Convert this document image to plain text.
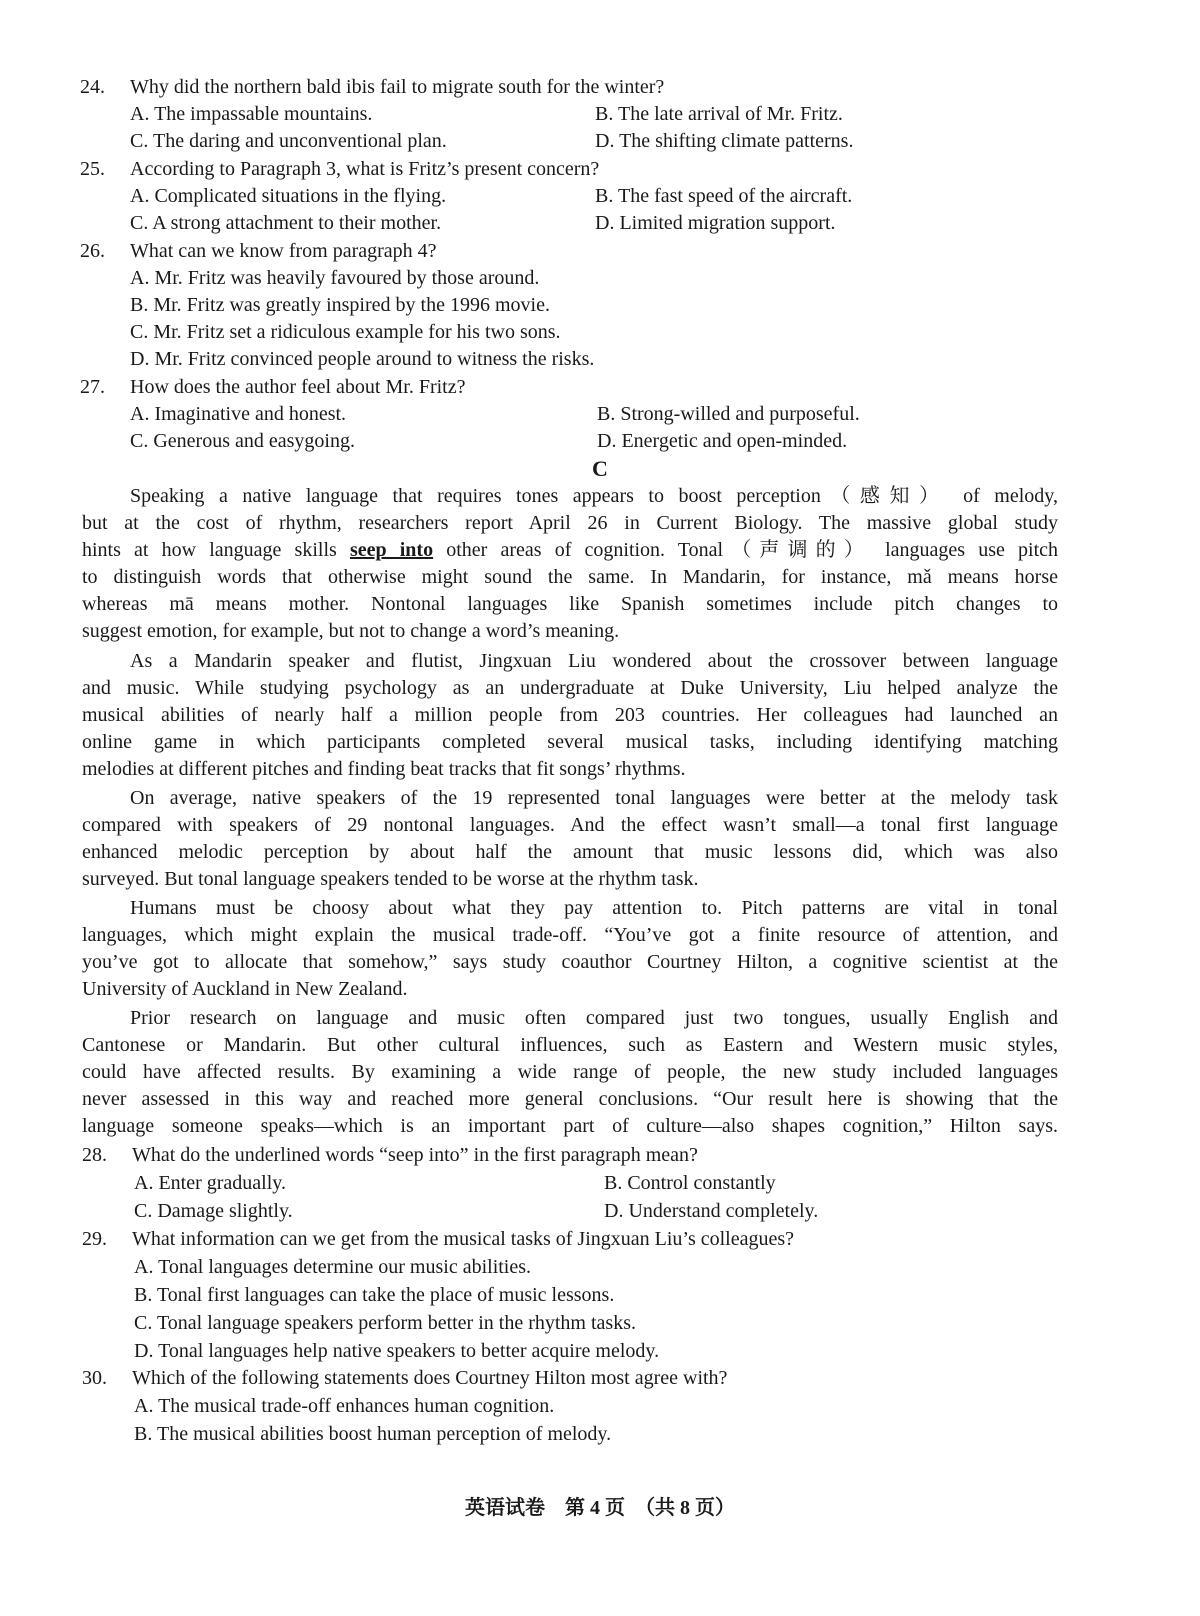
24. Why did the northern bald ibis fail to migrate south for the winter?
A. The impassable mountains.	B. The late arrival of Mr. Fritz.
C. The daring and unconventional plan.	D. The shifting climate patterns.
25. According to Paragraph 3, what is Fritz’s present concern?
A. Complicated situations in the flying.	B. The fast speed of the aircraft.
C. A strong attachment to their mother.	D. Limited migration support.
26. What can we know from paragraph 4?
A. Mr. Fritz was heavily favoured by those around.
B. Mr. Fritz was greatly inspired by the 1996 movie.
C. Mr. Fritz set a ridiculous example for his two sons.
D. Mr. Fritz convinced people around to witness the risks.
27. How does the author feel about Mr. Fritz?
A. Imaginative and honest.	B. Strong-willed and purposeful.
C. Generous and easygoing.	D. Energetic and open-minded.
C
Speaking a native language that requires tones appears to boost perception（感知） of melody,
but at the cost of rhythm, researchers report April 26 in Current Biology. The massive global study
hints at how language skills seep into other areas of cognition. Tonal（声调的） languages use pitch
to distinguish words that otherwise might sound the same. In Mandarin, for instance, mǎ means horse
whereas mā means mother. Nontonal languages like Spanish sometimes include pitch changes to
suggest emotion, for example, but not to change a word’s meaning.
As a Mandarin speaker and flutist, Jingxuan Liu wondered about the crossover between language
and music. While studying psychology as an undergraduate at Duke University, Liu helped analyze the
musical abilities of nearly half a million people from 203 countries. Her colleagues had launched an
online game in which participants completed several musical tasks, including identifying matching
melodies at different pitches and finding beat tracks that fit songs’ rhythms.
On average, native speakers of the 19 represented tonal languages were better at the melody task
compared with speakers of 29 nontonal languages. And the effect wasn’t small—a tonal first language
enhanced melodic perception by about half the amount that music lessons did, which was also
surveyed. But tonal language speakers tended to be worse at the rhythm task.
Humans must be choosy about what they pay attention to. Pitch patterns are vital in tonal
languages, which might explain the musical trade-off. “You’ve got a finite resource of attention, and
you’ve got to allocate that somehow,” says study coauthor Courtney Hilton, a cognitive scientist at the
University of Auckland in New Zealand.
Prior research on language and music often compared just two tongues, usually English and
Cantonese or Mandarin. But other cultural influences, such as Eastern and Western music styles,
could have affected results. By examining a wide range of people, the new study included languages
never assessed in this way and reached more general conclusions. “Our result here is showing that the
language someone speaks—which is an important part of culture—also shapes cognition,” Hilton says.
28. What do the underlined words “seep into” in the first paragraph mean?
A. Enter gradually.	B. Control constantly
C. Damage slightly.	D. Understand completely.
29. What information can we get from the musical tasks of Jingxuan Liu’s colleagues?
A. Tonal languages determine our music abilities.
B. Tonal first languages can take the place of music lessons.
C. Tonal language speakers perform better in the rhythm tasks.
D. Tonal languages help native speakers to better acquire melody.
30. Which of the following statements does Courtney Hilton most agree with?
A. The musical trade-off enhances human cognition.
B. The musical abilities boost human perception of melody.
英语试卷　第 4 页　（共 8 页）
